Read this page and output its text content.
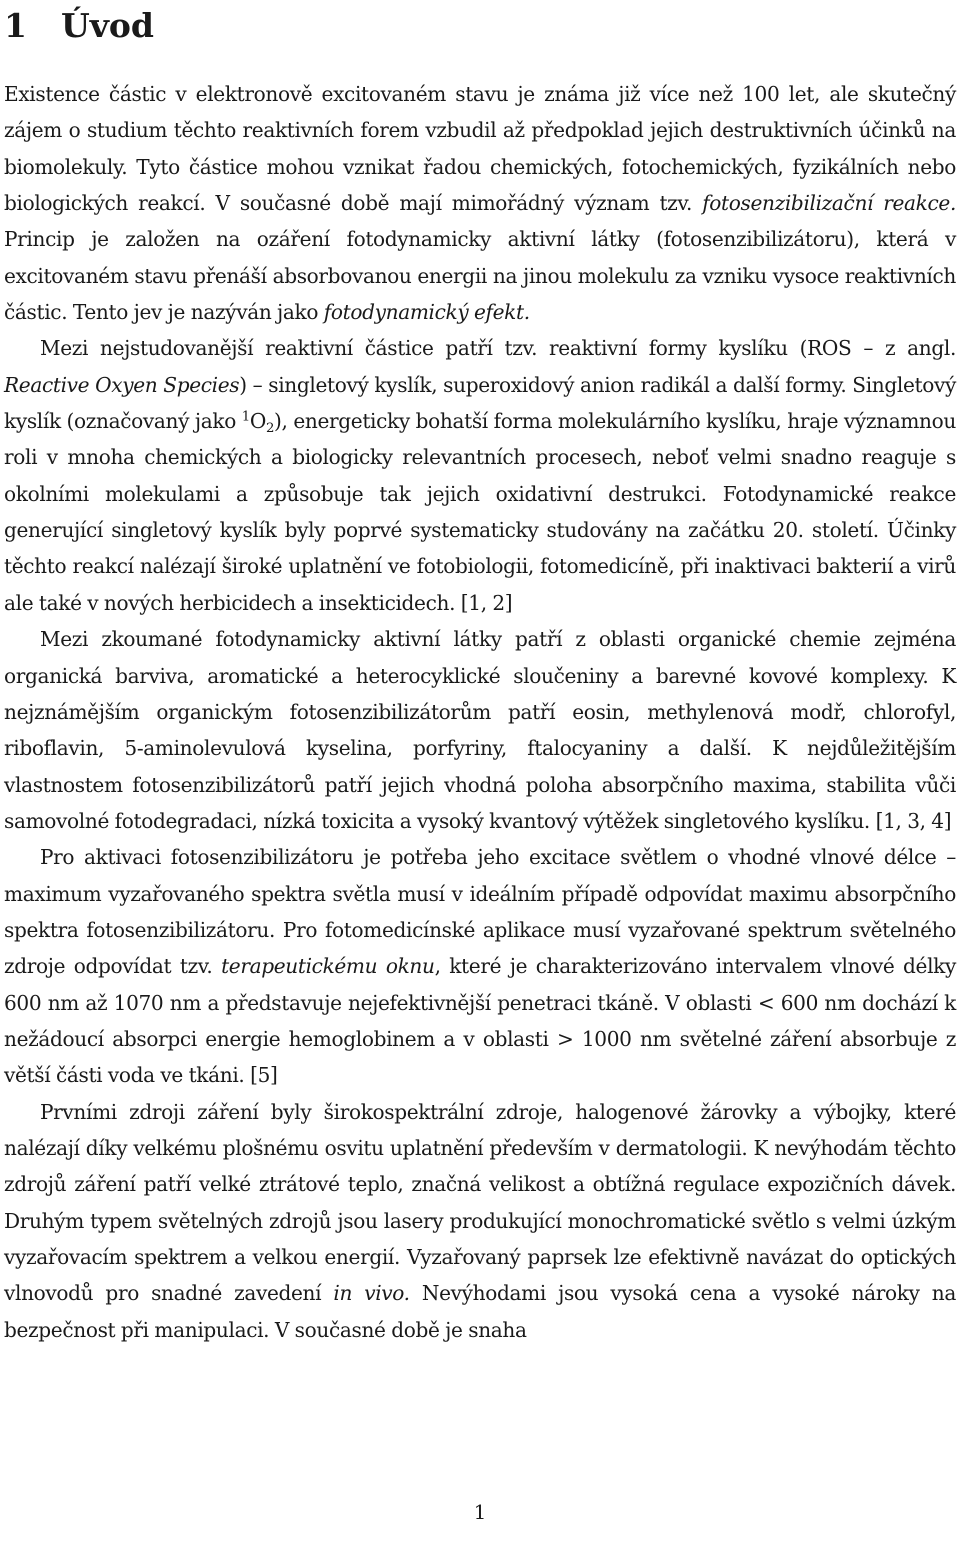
1 Úvod

Existence částic v elektronově excitovaném stavu je známa již více než 100 let, ale skutečný zájem o studium těchto reaktivních forem vzbudil až předpoklad jejich destruktivních účinků na biomolekuly. Tyto částice mohou vznikat řadou chemických, fotochemických, fyzikálních nebo biologických reakcí. V současné době mají mimořádný význam tzv. fotosenzibilizační reakce. Princip je založen na ozáření fotodynamicky aktivní látky (fotosenzibilizátoru), která v excitovaném stavu přenáší absorbovanou energii na jinou molekulu za vzniku vysoce reaktivních částic. Tento jev je nazýván jako fotodynamický efekt.

Mezi nejstudovanější reaktivní částice patří tzv. reaktivní formy kyslíku (ROS – z angl. Reactive Oxyen Species) – singletový kyslík, superoxidový anion radikál a další formy. Singletový kyslík (označovaný jako $^1O_2$), energeticky bohatší forma molekulárního kyslíku, hraje významnou roli v mnoha chemických a biologicky relevantních procesech, neboť velmi snadno reaguje s okolními molekulami a způsobuje tak jejich oxidativní destrukci. Fotodynamické reakce generující singletový kyslík byly poprvé systematicky studovány na začátku 20. století. Účinky těchto reakcí nalézají široké uplatnění ve fotobiologii, fotomedicíně, při inaktivaci bakterií a virů ale také v nových herbicidech a insekticidech. [1, 2]

Mezi zkoumané fotodynamicky aktivní látky patří z oblasti organické chemie zejména organická barviva, aromatické a heterocyklické sloučeniny a barevné kovové komplexy. K nejznámějším organickým fotosenzibilizátorům patří eosin, methylenová modř, chlorofyl, riboflavin, 5-aminolevulová kyselina, porfyriny, ftalocyaniny a další. K nejdůležitějším vlastnostem fotosenzibilizátorů patří jejich vhodná poloha absorpčního maxima, stabilita vůči samovolné fotodegradaci, nízká toxicita a vysoký kvantový výtěžek singletového kyslíku. [1, 3, 4]

Pro aktivaci fotosenzibilizátoru je potřeba jeho excitace světlem o vhodné vlnové délce – maximum vyzařovaného spektra světla musí v ideálním případě odpovídat maximu absorpčního spektra fotosenzibilizátoru. Pro fotomedicínské aplikace musí vyzařované spektrum světelného zdroje odpovídat tzv. terapeutickému oknu, které je charakterizováno intervalem vlnové délky 600 nm až 1070 nm a představuje nejefektivnější penetraci tkáně. V oblasti < 600 nm dochází k nežádoucí absorpci energie hemoglobinem a v oblasti > 1000 nm světelné záření absorbuje z větší části voda ve tkáni. [5]

Prvními zdroji záření byly širokospektrální zdroje, halogenové žárovky a výbojky, které nalézají díky velkému plošnému osvitu uplatnění především v dermatologii. K nevýhodám těchto zdrojů záření patří velké ztrátové teplo, značná velikost a obtížná regulace expozičních dávek. Druhým typem světelných zdrojů jsou lasery produkující monochromatické světlo s velmi úzkým vyzařovacím spektrem a velkou energií. Vyzařovaný paprsek lze efektivně navázat do optických vlnovodů pro snadné zavedení in vivo. Nevýhodami jsou vysoká cena a vysoké nároky na bezpečnost při manipulaci. V současné době je snaha

1
